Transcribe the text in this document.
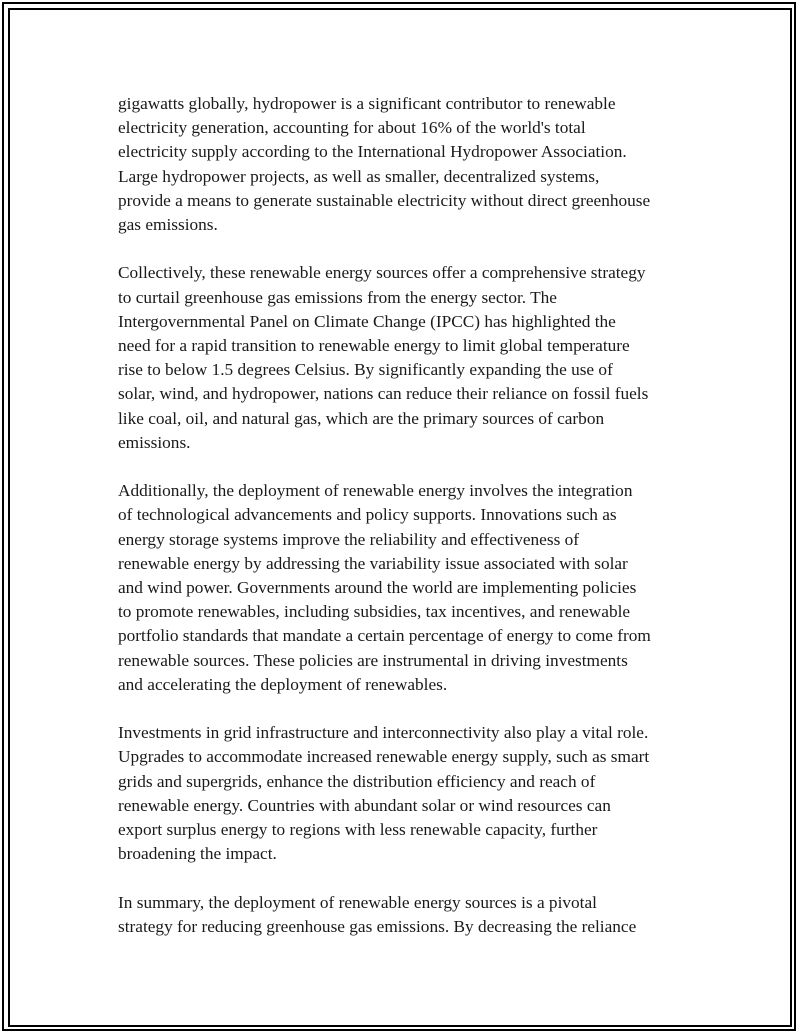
gigawatts globally, hydropower is a significant contributor to renewable
electricity generation, accounting for about 16% of the world's total
electricity supply according to the International Hydropower Association.
Large hydropower projects, as well as smaller, decentralized systems,
provide a means to generate sustainable electricity without direct greenhouse
gas emissions.

Collectively, these renewable energy sources offer a comprehensive strategy
to curtail greenhouse gas emissions from the energy sector. The
Intergovernmental Panel on Climate Change (IPCC) has highlighted the
need for a rapid transition to renewable energy to limit global temperature
rise to below 1.5 degrees Celsius. By significantly expanding the use of
solar, wind, and hydropower, nations can reduce their reliance on fossil fuels
like coal, oil, and natural gas, which are the primary sources of carbon
emissions.

Additionally, the deployment of renewable energy involves the integration
of technological advancements and policy supports. Innovations such as
energy storage systems improve the reliability and effectiveness of
renewable energy by addressing the variability issue associated with solar
and wind power. Governments around the world are implementing policies
to promote renewables, including subsidies, tax incentives, and renewable
portfolio standards that mandate a certain percentage of energy to come from
renewable sources. These policies are instrumental in driving investments
and accelerating the deployment of renewables.

Investments in grid infrastructure and interconnectivity also play a vital role.
Upgrades to accommodate increased renewable energy supply, such as smart
grids and supergrids, enhance the distribution efficiency and reach of
renewable energy. Countries with abundant solar or wind resources can
export surplus energy to regions with less renewable capacity, further
broadening the impact.

In summary, the deployment of renewable energy sources is a pivotal
strategy for reducing greenhouse gas emissions. By decreasing the reliance
